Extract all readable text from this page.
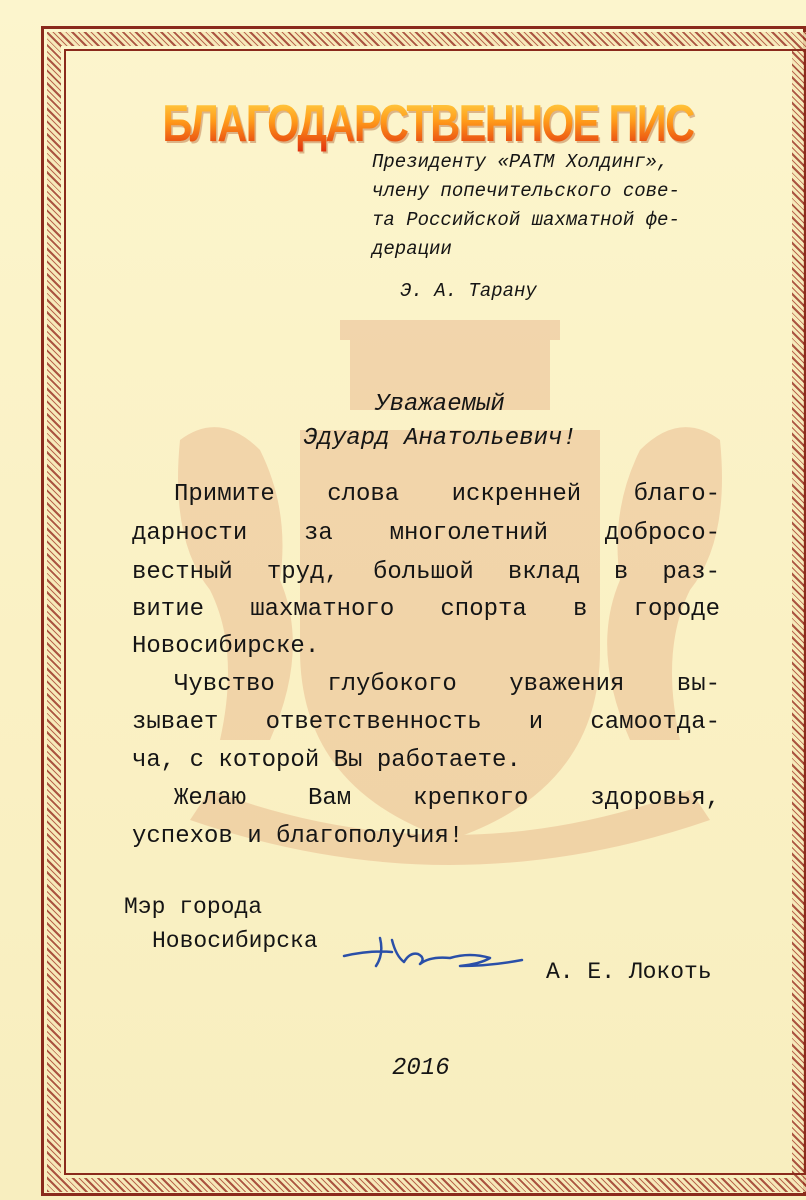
БЛАГОДАРСТВЕННОЕ ПИСЬМО
Президенту «РАТМ Холдинг»,
члену попечительского сове-
та Российской шахматной фе-
дерации
Э. А. Тарану
Уважаемый
Эдуард Анатольевич!
Примите слова искренней благо-
дарности за многолетний добросо-
вестный труд, большой вклад в раз-
витие шахматного спорта в городе
Новосибирске.
Чувство глубокого уважения вы-
зывает ответственность и самоотда-
ча, с которой Вы работаете.
Желаю Вам крепкого здоровья,
успехов и благополучия!
Мэр города
Новосибирска
А. Е. Локоть
2016
